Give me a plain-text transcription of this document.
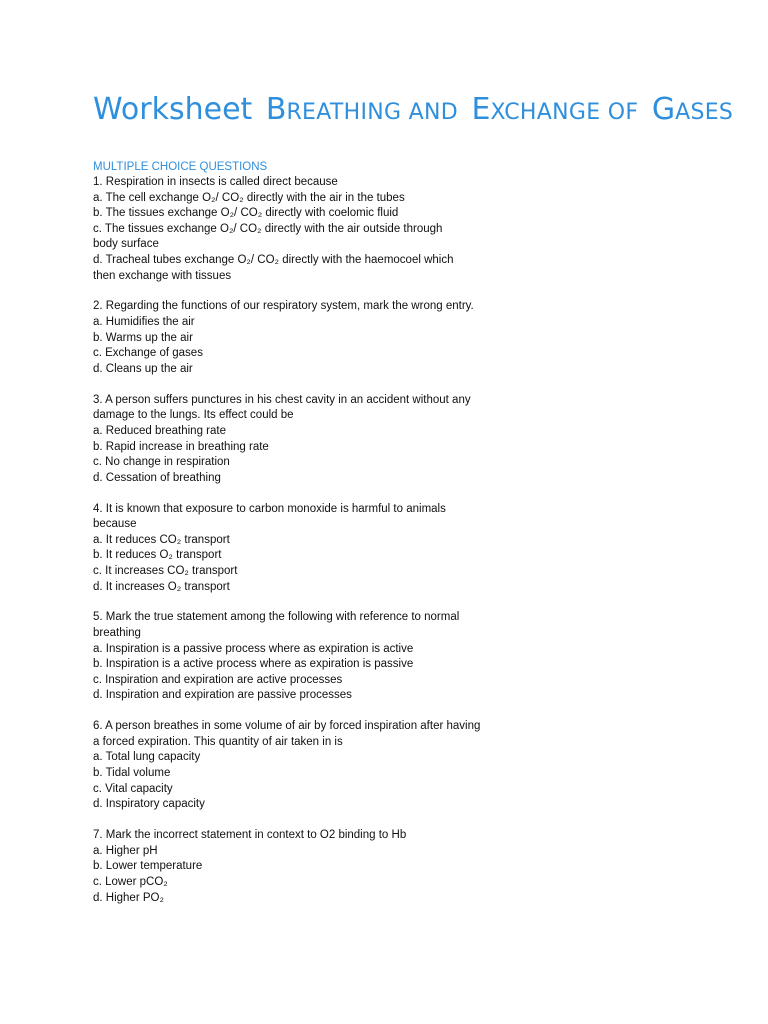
Worksheet BREATHING AND EXCHANGE OF GASES
MULTIPLE CHOICE QUESTIONS

1. Respiration in insects is called direct because

a. The cell exchange O₂/ CO₂ directly with the air in the tubes

b. The tissues exchange O₂/ CO₂ directly with coelomic fluid

c. The tissues exchange O₂/ CO₂ directly with the air outside through

body surface

d. Tracheal tubes exchange O₂/ CO₂ directly with the haemocoel which

then exchange with tissues

2. Regarding the functions of our respiratory system, mark the wrong entry.

a. Humidifies the air

b. Warms up the air

c. Exchange of gases

d. Cleans up the air

3. A person suffers punctures in his chest cavity in an accident without any

damage to the lungs. Its effect could be

a. Reduced breathing rate

b. Rapid increase in breathing rate

c. No change in respiration

d. Cessation of breathing

4. It is known that exposure to carbon monoxide is harmful to animals

because

a. It reduces CO₂ transport

b. It reduces O₂ transport

c. It increases CO₂ transport

d. It increases O₂ transport

5. Mark the true statement among the following with reference to normal

breathing

a. Inspiration is a passive process where as expiration is active

b. Inspiration is a active process where as expiration is passive

c. Inspiration and expiration are active processes

d. Inspiration and expiration are passive processes

6. A person breathes in some volume of air by forced inspiration after having

a forced expiration. This quantity of air taken in is

a. Total lung capacity

b. Tidal volume

c. Vital capacity

d. Inspiratory capacity

7. Mark the incorrect statement in context to O2 binding to Hb

a. Higher pH

b. Lower temperature

c. Lower pCO₂

d. Higher PO₂
